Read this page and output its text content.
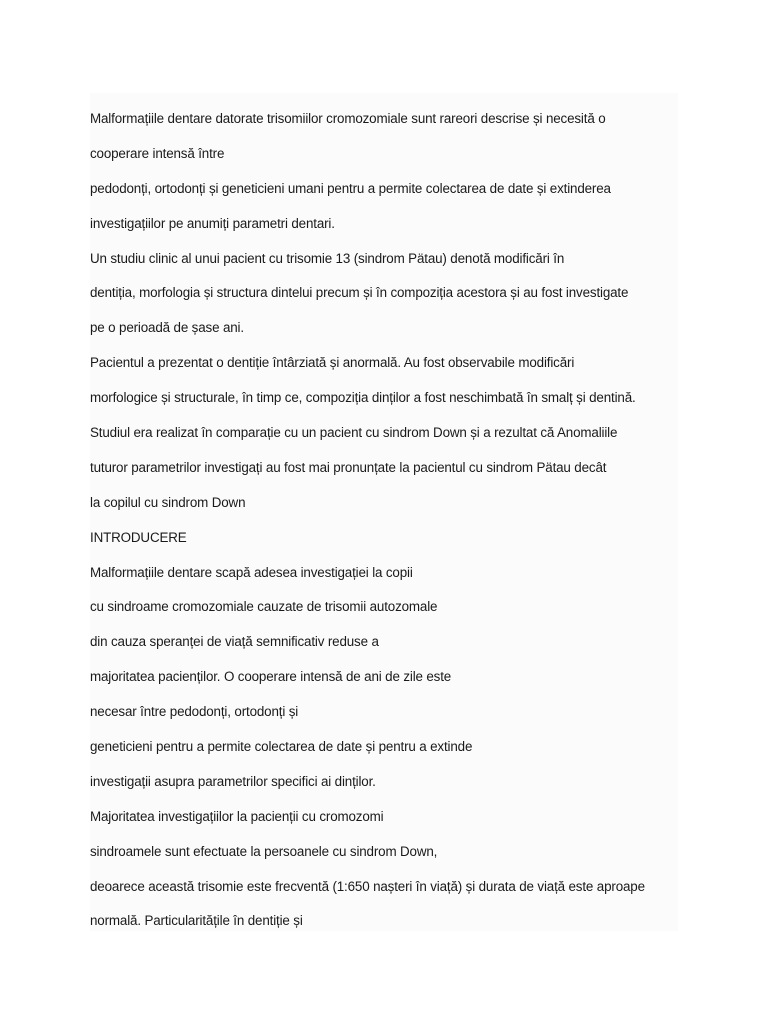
Malformațiile dentare datorate trisomiilor cromozomiale sunt rareori descrise și necesită o
cooperare intensă între
pedodonți, ortodonți și geneticieni umani pentru a permite colectarea de date și extinderea
investigațiilor pe anumiți parametri dentari.
Un studiu clinic al unui pacient cu trisomie 13 (sindrom Pätau) denotă modificări în
dentiția, morfologia și structura dintelui precum și în compoziția acestora și au fost investigate
pe o perioadă de șase ani.
Pacientul a prezentat o dentiție întârziată și anormală. Au fost observabile modificări
morfologice și structurale, în timp ce, compoziția dinților a fost neschimbată în smalț și dentină.
Studiul era realizat în comparație cu un pacient cu sindrom Down și a rezultat că Anomaliile
tuturor parametrilor investigați au fost mai pronunțate la pacientul cu sindrom Pätau decât
la copilul cu sindrom Down
INTRODUCERE
Malformațiile dentare scapă adesea investigației la copii
cu sindroame cromozomiale cauzate de trisomii autozomale
din cauza speranței de viață semnificativ reduse a
majoritatea pacienților. O cooperare intensă de ani de zile este
necesar între pedodonți, ortodonți și
geneticieni pentru a permite colectarea de date și pentru a extinde
investigații asupra parametrilor specifici ai dinților.
Majoritatea investigațiilor la pacienții cu cromozomi
sindroamele sunt efectuate la persoanele cu sindrom Down,
deoarece această trisomie este frecventă (1:650 nașteri în viață) și durata de viață este aproape
normală. Particularitățile în dentiție și
